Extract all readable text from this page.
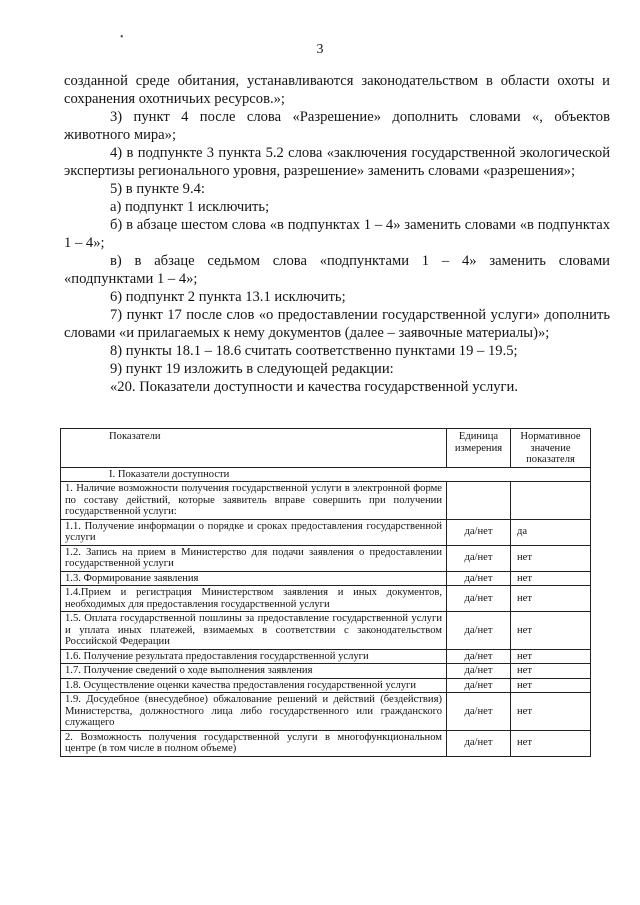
•
3

созданной среде обитания, устанавливаются законодательством в области охоты и сохранения охотничьих ресурсов.»;

3) пункт 4 после слова «Разрешение» дополнить словами «, объектов животного мира»;

4) в подпункте 3 пункта 5.2 слова «заключения государственной экологической экспертизы регионального уровня, разрешение» заменить словами «разрешения»;

5) в пункте 9.4:

а) подпункт 1 исключить;

б) в абзаце шестом слова «в подпунктах 1 – 4» заменить словами «в подпунктах 1 – 4»;

в) в абзаце седьмом слова «подпунктами 1 – 4» заменить словами «подпунктами 1 – 4»;

6) подпункт 2 пункта 13.1 исключить;

7) пункт 17 после слов «о предоставлении государственной услуги» дополнить словами «и прилагаемых к нему документов (далее – заявочные материалы)»;

8) пункты 18.1 – 18.6 считать соответственно пунктами 19 – 19.5;

9) пункт 19 изложить в следующей редакции:

«20. Показатели доступности и качества государственной услуги.

Показатели	Единица измерения	Нормативное значение показателя
I. Показатели доступности		
1. Наличие возможности получения государственной услуги в электронной форме по составу действий, которые заявитель вправе совершить при получении государственной услуги:		
1.1. Получение информации о порядке и сроках предоставления государственной услуги	да/нет	да
1.2. Запись на прием в Министерство для подачи заявления о предоставлении государственной услуги	да/нет	нет
1.3. Формирование заявления	да/нет	нет
1.4.Прием и регистрация Министерством заявления и иных документов, необходимых для предоставления государственной услуги	да/нет	нет
1.5. Оплата государственной пошлины за предоставление государственной услуги и уплата иных платежей, взимаемых в соответствии с законодательством Российской Федерации	да/нет	нет
1.6. Получение результата предоставления государственной услуги	да/нет	нет
1.7. Получение сведений о ходе выполнения заявления	да/нет	нет
1.8. Осуществление оценки качества предоставления государственной услуги	да/нет	нет
1.9. Досудебное (внесудебное) обжалование решений и действий (бездействия) Министерства, должностного лица либо государственного или гражданского служащего	да/нет	нет
2. Возможность получения государственной услуги в многофункциональном центре (в том числе в полном объеме)	да/нет	нет
